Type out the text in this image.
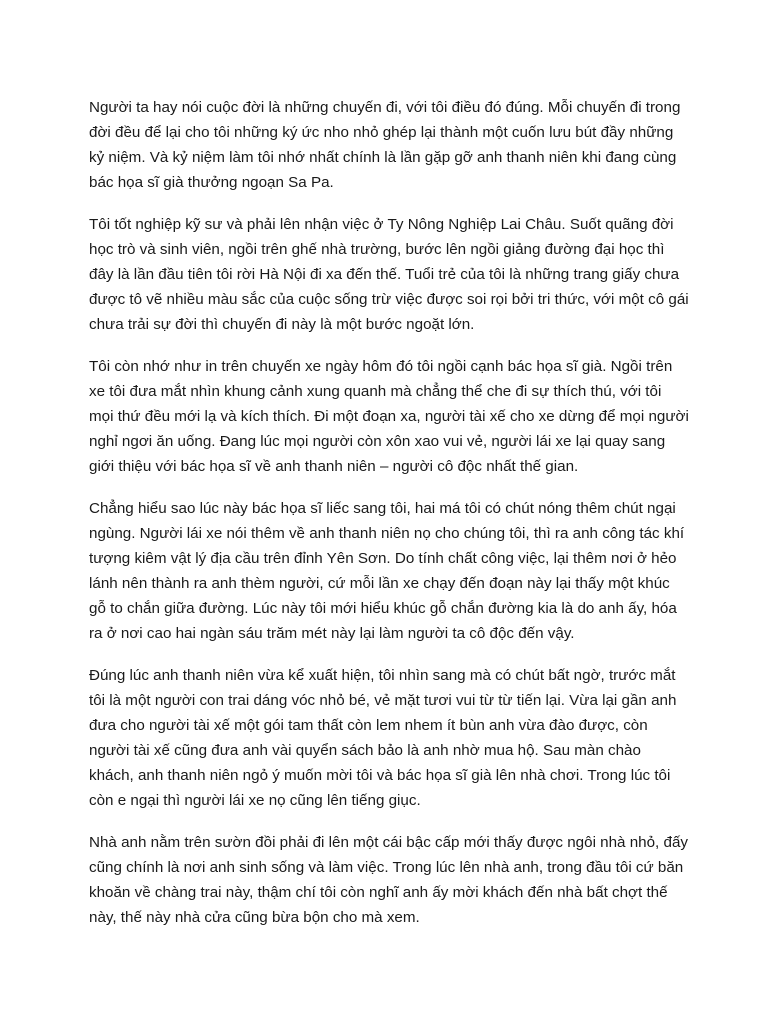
Người ta hay nói cuộc đời là những chuyến đi, với tôi điều đó đúng. Mỗi chuyến đi trong đời đều để lại cho tôi những ký ức nho nhỏ ghép lại thành một cuốn lưu bút đầy những kỷ niệm. Và kỷ niệm làm tôi nhớ nhất chính là lần gặp gỡ anh thanh niên khi đang cùng bác họa sĩ già thưởng ngoạn Sa Pa.

Tôi tốt nghiệp kỹ sư và phải lên nhận việc ở Ty Nông Nghiệp Lai Châu. Suốt quãng đời học trò và sinh viên, ngồi trên ghế nhà trường, bước lên ngồi giảng đường đại học thì đây là lần đầu tiên tôi rời Hà Nội đi xa đến thế. Tuổi trẻ của tôi là những trang giấy chưa được tô vẽ nhiều màu sắc của cuộc sống trừ việc được soi rọi bởi tri thức, với một cô gái chưa trải sự đời thì chuyến đi này là một bước ngoặt lớn.

Tôi còn nhớ như in trên chuyến xe ngày hôm đó tôi ngồi cạnh bác họa sĩ già. Ngồi trên xe tôi đưa mắt nhìn khung cảnh xung quanh mà chẳng thể che đi sự thích thú, với tôi mọi thứ đều mới lạ và kích thích. Đi một đoạn xa, người tài xế cho xe dừng để mọi người nghỉ ngơi ăn uống. Đang lúc mọi người còn xôn xao vui vẻ, người lái xe lại quay sang giới thiệu với bác họa sĩ về anh thanh niên – người cô độc nhất thế gian.

Chẳng hiểu sao lúc này bác họa sĩ liếc sang tôi, hai má tôi có chút nóng thêm chút ngại ngùng. Người lái xe nói thêm về anh thanh niên nọ cho chúng tôi, thì ra anh công tác khí tượng kiêm vật lý địa cầu trên đỉnh Yên Sơn. Do tính chất công việc, lại thêm nơi ở hẻo lánh nên thành ra anh thèm người, cứ mỗi lần xe chạy đến đoạn này lại thấy một khúc gỗ to chắn giữa đường. Lúc này tôi mới hiểu khúc gỗ chắn đường kia là do anh ấy, hóa ra ở nơi cao hai ngàn sáu trăm mét này lại làm người ta cô độc đến vậy.

Đúng lúc anh thanh niên vừa kể xuất hiện, tôi nhìn sang mà có chút bất ngờ, trước mắt tôi là một người con trai dáng vóc nhỏ bé, vẻ mặt tươi vui từ từ tiến lại. Vừa lại gần anh đưa cho người tài xế một gói tam thất còn lem nhem ít bùn anh vừa đào được, còn người tài xế cũng đưa anh vài quyển sách bảo là anh nhờ mua hộ. Sau màn chào khách, anh thanh niên ngỏ ý muốn mời tôi và bác họa sĩ già lên nhà chơi. Trong lúc tôi còn e ngại thì người lái xe nọ cũng lên tiếng giục.

Nhà anh nằm trên sườn đồi phải đi lên một cái bậc cấp mới thấy được ngôi nhà nhỏ, đấy cũng chính là nơi anh sinh sống và làm việc. Trong lúc lên nhà anh, trong đầu tôi cứ băn khoăn về chàng trai này, thậm chí tôi còn nghĩ anh ấy mời khách đến nhà bất chợt thế này, thế này nhà cửa cũng bừa bộn cho mà xem.
